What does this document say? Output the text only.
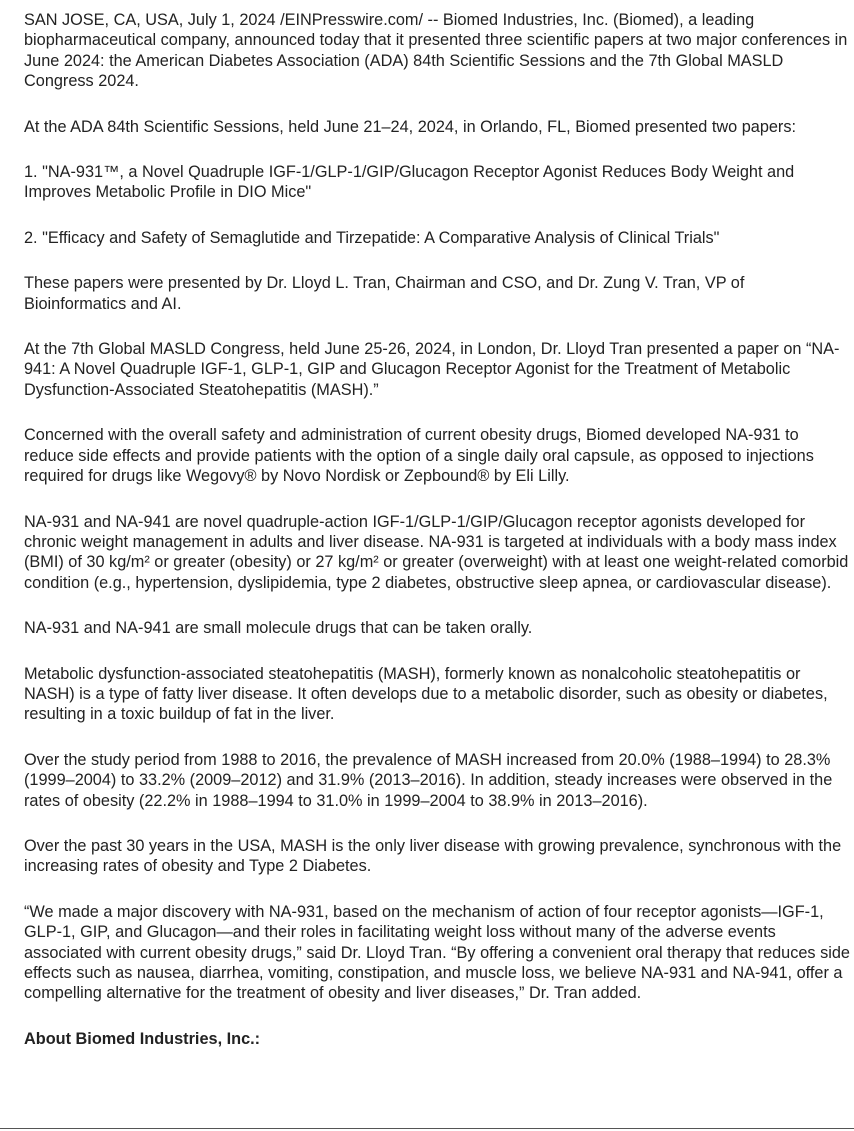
SAN JOSE, CA, USA, July 1, 2024 /EINPresswire.com/ -- Biomed Industries, Inc. (Biomed), a leading biopharmaceutical company, announced today that it presented three scientific papers at two major conferences in June 2024: the American Diabetes Association (ADA) 84th Scientific Sessions and the 7th Global MASLD Congress 2024.

At the ADA 84th Scientific Sessions, held June 21–24, 2024, in Orlando, FL, Biomed presented two papers:

1. "NA-931™, a Novel Quadruple IGF-1/GLP-1/GIP/Glucagon Receptor Agonist Reduces Body Weight and Improves Metabolic Profile in DIO Mice"

2. "Efficacy and Safety of Semaglutide and Tirzepatide: A Comparative Analysis of Clinical Trials"

These papers were presented by Dr. Lloyd L. Tran, Chairman and CSO, and Dr. Zung V. Tran, VP of Bioinformatics and AI.

At the 7th Global MASLD Congress, held June 25-26, 2024, in London, Dr. Lloyd Tran presented a paper on “NA-941: A Novel Quadruple IGF-1, GLP-1, GIP and Glucagon Receptor Agonist for the Treatment of Metabolic Dysfunction-Associated Steatohepatitis (MASH).”

Concerned with the overall safety and administration of current obesity drugs, Biomed developed NA-931 to reduce side effects and provide patients with the option of a single daily oral capsule, as opposed to injections required for drugs like Wegovy® by Novo Nordisk or Zepbound® by Eli Lilly.

NA-931 and NA-941 are novel quadruple-action IGF-1/GLP-1/GIP/Glucagon receptor agonists developed for chronic weight management in adults and liver disease. NA-931 is targeted at individuals with a body mass index (BMI) of 30 kg/m² or greater (obesity) or 27 kg/m² or greater (overweight) with at least one weight-related comorbid condition (e.g., hypertension, dyslipidemia, type 2 diabetes, obstructive sleep apnea, or cardiovascular disease).

NA-931 and NA-941 are small molecule drugs that can be taken orally.

Metabolic dysfunction-associated steatohepatitis (MASH), formerly known as nonalcoholic steatohepatitis or NASH) is a type of fatty liver disease. It often develops due to a metabolic disorder, such as obesity or diabetes, resulting in a toxic buildup of fat in the liver.

Over the study period from 1988 to 2016, the prevalence of MASH increased from 20.0% (1988–1994) to 28.3% (1999–2004) to 33.2% (2009–2012) and 31.9% (2013–2016). In addition, steady increases were observed in the rates of obesity (22.2% in 1988–1994 to 31.0% in 1999–2004 to 38.9% in 2013–2016).

Over the past 30 years in the USA, MASH is the only liver disease with growing prevalence, synchronous with the increasing rates of obesity and Type 2 Diabetes.

“We made a major discovery with NA-931, based on the mechanism of action of four receptor agonists—IGF-1, GLP-1, GIP, and Glucagon—and their roles in facilitating weight loss without many of the adverse events associated with current obesity drugs,” said Dr. Lloyd Tran. “By offering a convenient oral therapy that reduces side effects such as nausea, diarrhea, vomiting, constipation, and muscle loss, we believe NA-931 and NA-941, offer a compelling alternative for the treatment of obesity and liver diseases,” Dr. Tran added.

About Biomed Industries, Inc.:
